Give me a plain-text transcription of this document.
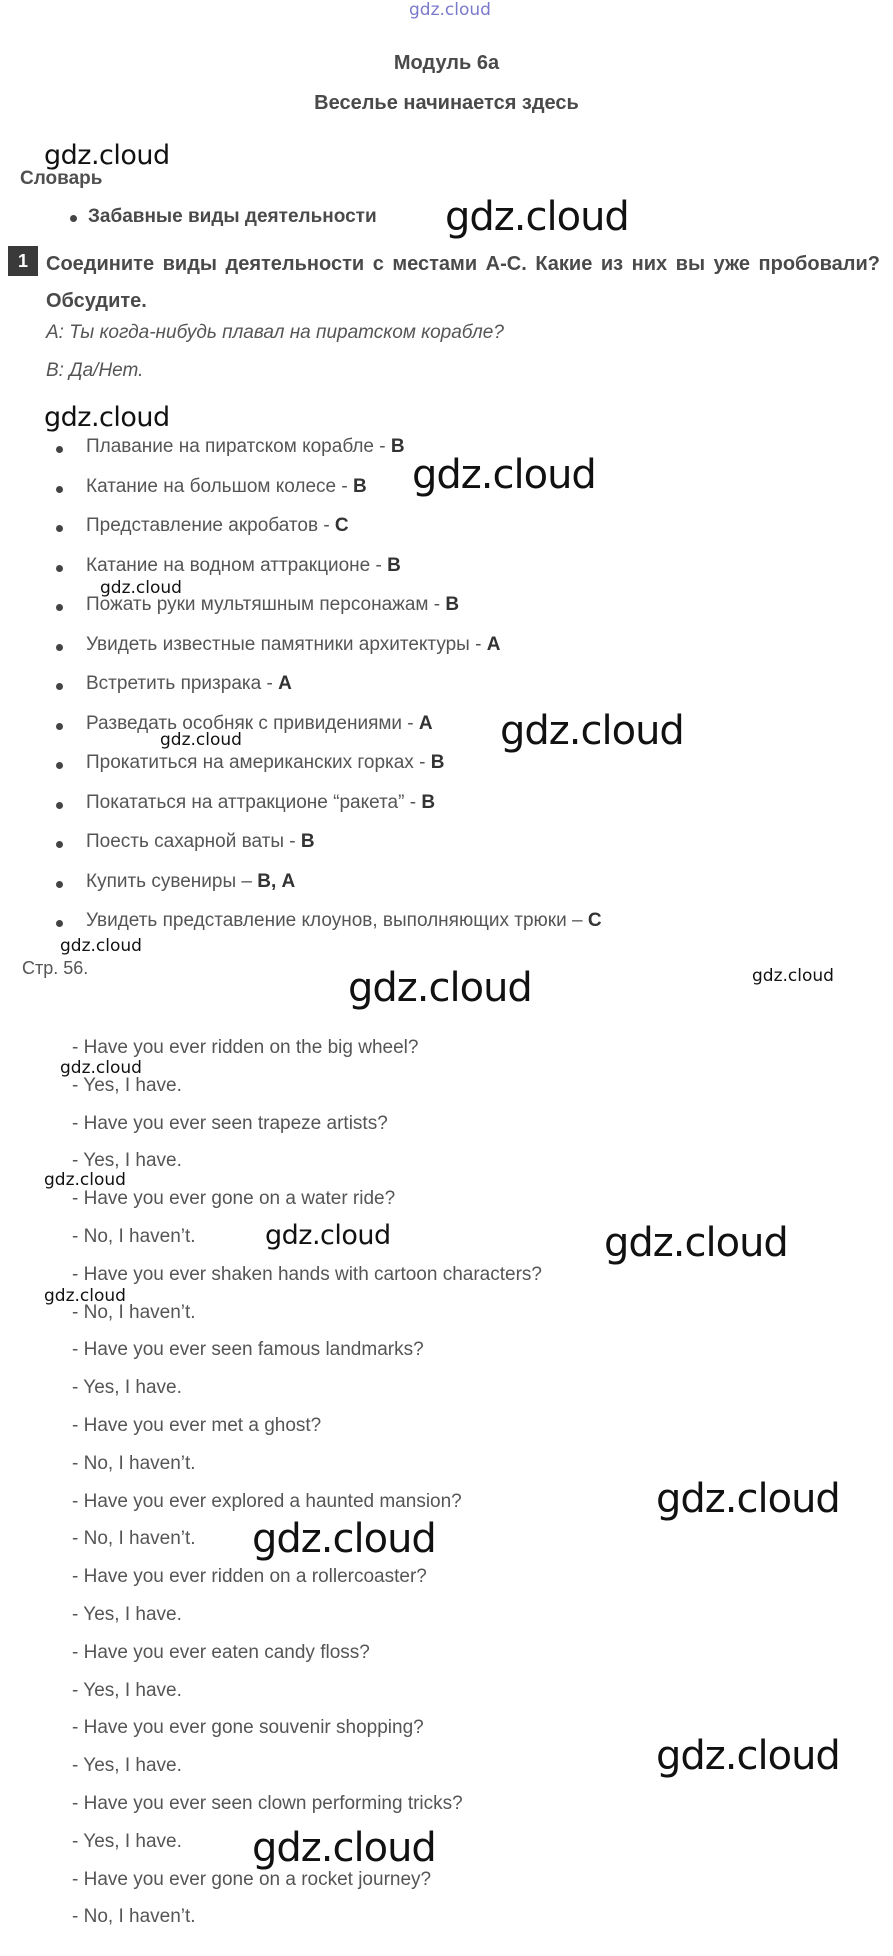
gdz.cloud
Модуль 6а
Веселье начинается здесь
Словарь
Забавные виды деятельности
1 Соедините виды деятельности с местами А-С. Какие из них вы уже пробовали? Обсудите.
А: Ты когда-нибудь плавал на пиратском корабле?
В: Да/Нет.
Плавание на пиратском корабле - В
Катание на большом колесе - В
Представление акробатов - С
Катание на водном аттракционе - В
Пожать руки мультяшным персонажам - В
Увидеть известные памятники архитектуры - А
Встретить призрака - А
Разведать особняк с привидениями - А
Прокатиться на американских горках - В
Покататься на аттракционе “ракета” - В
Поесть сахарной ваты - В
Купить сувениры – В, А
Увидеть представление клоунов, выполняющих трюки – С
Стр. 56.
- Have you ever ridden on the big wheel?
- Yes, I have.
- Have you ever seen trapeze artists?
- Yes, I have.
- Have you ever gone on a water ride?
- No, I haven’t.
- Have you ever shaken hands with cartoon characters?
- No, I haven’t.
- Have you ever seen famous landmarks?
- Yes, I have.
- Have you ever met a ghost?
- No, I haven’t.
- Have you ever explored a haunted mansion?
- No, I haven’t.
- Have you ever ridden on a rollercoaster?
- Yes, I have.
- Have you ever eaten candy floss?
- Yes, I have.
- Have you ever gone souvenir shopping?
- Yes, I have.
- Have you ever seen clown performing tricks?
- Yes, I have.
- Have you ever gone on a rocket journey?
- No, I haven’t.
gdz.cloud
gdz.cloud
gdz.cloud
gdz.cloud
gdz.cloud
gdz.cloud
gdz.cloud
gdz.cloud
gdz.cloud	gdz.cloud
gdz.cloud
gdz.cloud
gdz.cloud	gdz.cloud
gdz.cloud
gdz.cloud
gdz.cloud
gdz.cloud
gdz.cloud
